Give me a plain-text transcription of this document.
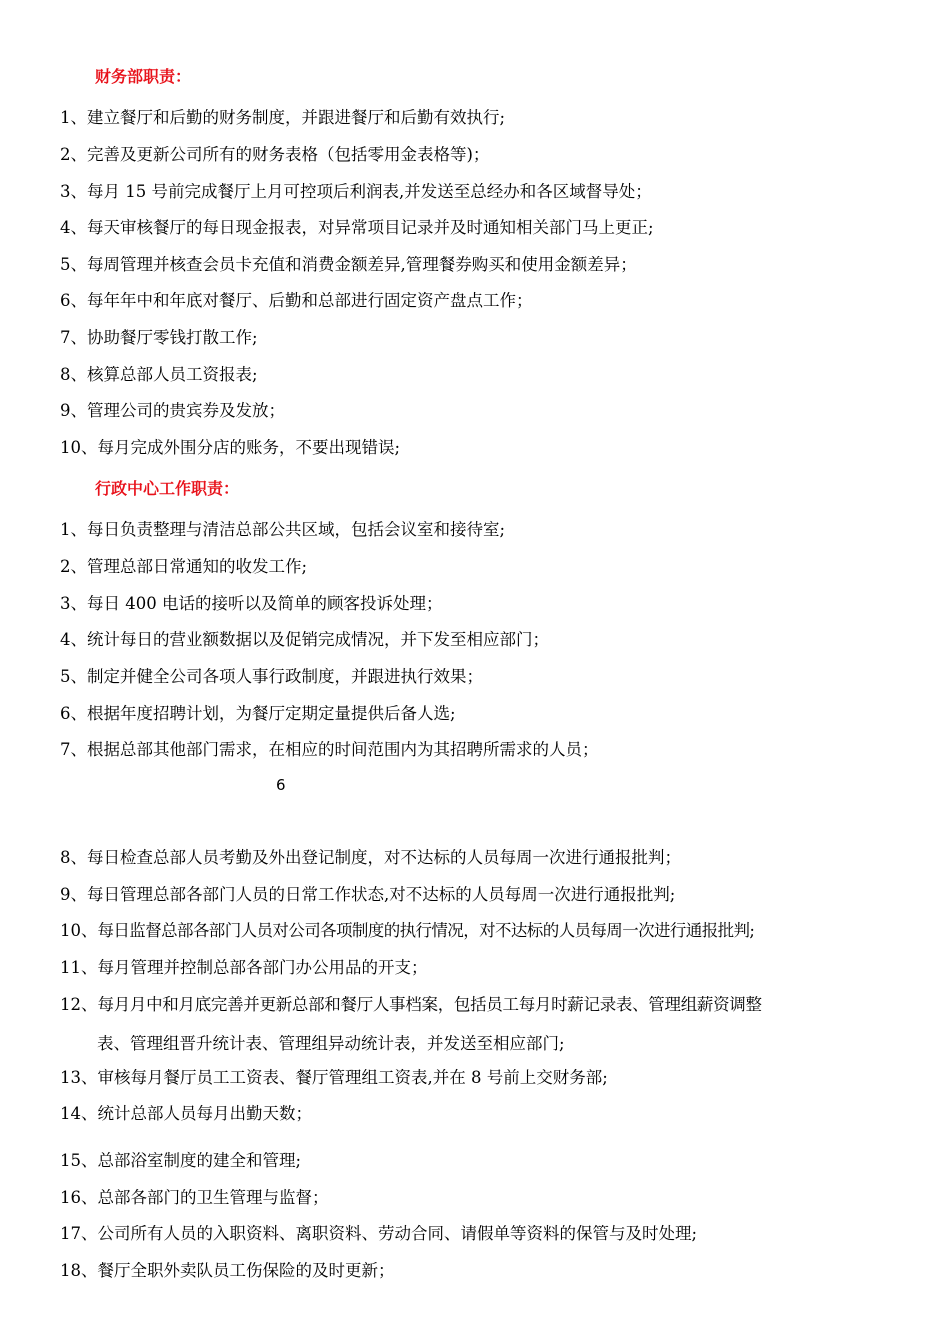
财务部职责：
1、建立餐厅和后勤的财务制度，并跟进餐厅和后勤有效执行;
2、完善及更新公司所有的财务表格（包括零用金表格等)；
3、每月 15 号前完成餐厅上月可控项后利润表,并发送至总经办和各区域督导处；
4、每天审核餐厅的每日现金报表，对异常项目记录并及时通知相关部门马上更正;
5、每周管理并核查会员卡充值和消费金额差异,管理餐券购买和使用金额差异；
6、每年年中和年底对餐厅、后勤和总部进行固定资产盘点工作；
7、协助餐厅零钱打散工作;
8、核算总部人员工资报表;
9、管理公司的贵宾券及发放；
10、每月完成外围分店的账务，不要出现错误;
行政中心工作职责：
1、每日负责整理与清洁总部公共区域，包括会议室和接待室;
2、管理总部日常通知的收发工作;
3、每日 400 电话的接听以及简单的顾客投诉处理；
4、统计每日的营业额数据以及促销完成情况，并下发至相应部门；
5、制定并健全公司各项人事行政制度，并跟进执行效果；
6、根据年度招聘计划，为餐厅定期定量提供后备人选;
7、根据总部其他部门需求，在相应的时间范围内为其招聘所需求的人员；
6
8、每日检查总部人员考勤及外出登记制度，对不达标的人员每周一次进行通报批判；
9、每日管理总部各部门人员的日常工作状态,对不达标的人员每周一次进行通报批判;
10、每日监督总部各部门人员对公司各项制度的执行情况，对不达标的人员每周一次进行通报批判;
11、每月管理并控制总部各部门办公用品的开支；
12、每月月中和月底完善并更新总部和餐厅人事档案，包括员工每月时薪记录表、管理组薪资调整
表、管理组晋升统计表、管理组异动统计表，并发送至相应部门;
13、审核每月餐厅员工工资表、餐厅管理组工资表,并在 8 号前上交财务部;
14、统计总部人员每月出勤天数；
15、总部浴室制度的建全和管理;
16、总部各部门的卫生管理与监督；
17、公司所有人员的入职资料、离职资料、劳动合同、请假单等资料的保管与及时处理;
18、餐厅全职外卖队员工伤保险的及时更新；
